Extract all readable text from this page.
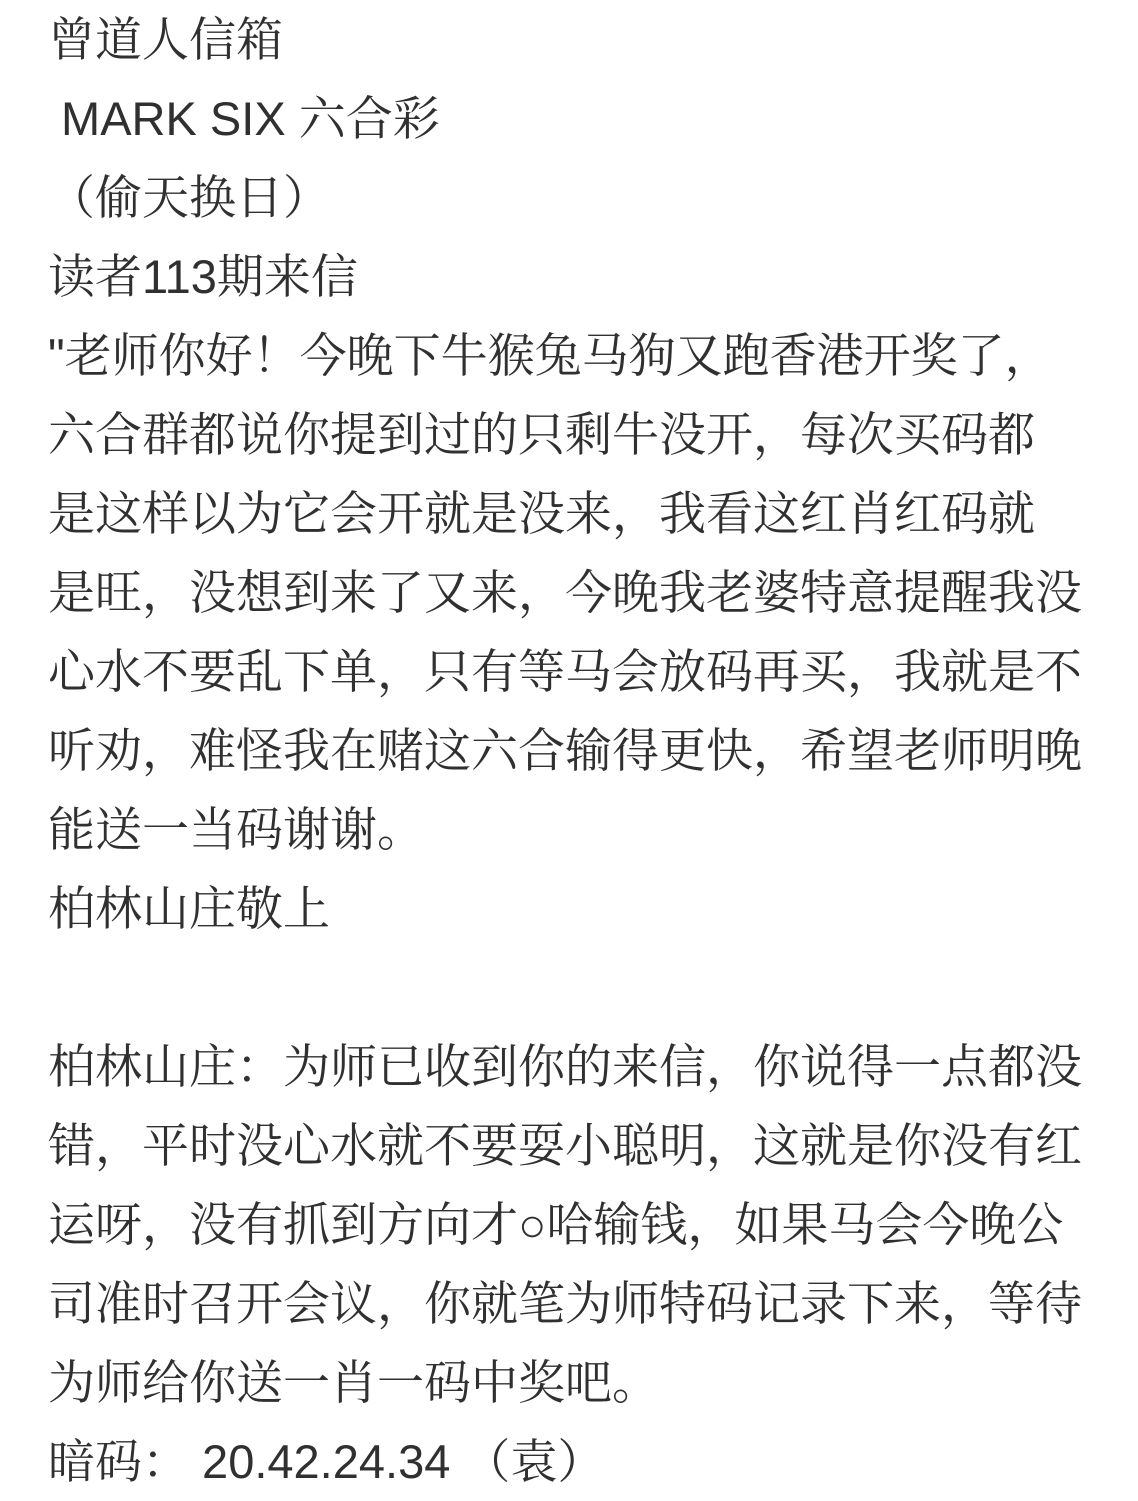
曾道人信箱
MARK SIX 六合彩
（偷天换日）
读者113期来信
"老师你好！今晚下牛猴兔马狗又跑香港开奖了，
六合群都说你提到过的只剩牛没开，每次买码都
是这样以为它会开就是没来，我看这红肖红码就
是旺，没想到来了又来，今晚我老婆特意提醒我没
心水不要乱下单，只有等马会放码再买，我就是不
听劝，难怪我在赌这六合输得更快，希望老师明晚
能送一当码谢谢。
柏林山庄敬上
柏林山庄：为师已收到你的来信，你说得一点都没
错，平时没心水就不要耍小聪明，这就是你没有红
运呀，没有抓到方向才○哈输钱，如果马会今晚公
司准时召开会议，你就笔为师特码记录下来，等待
为师给你送一肖一码中奖吧。
暗码： 20.42.24.34 （袁）
